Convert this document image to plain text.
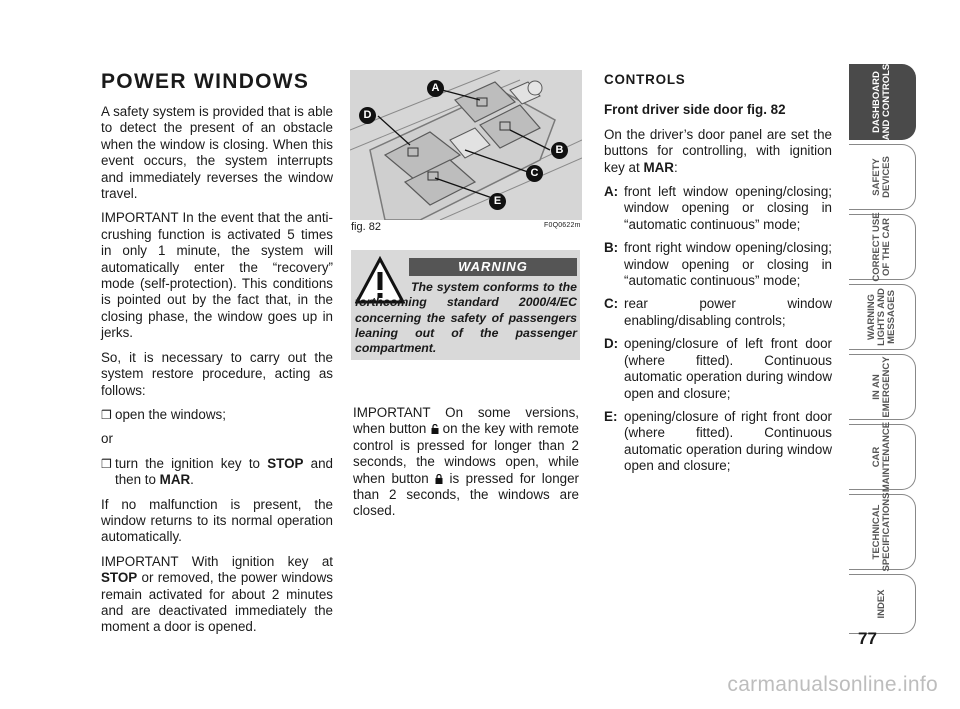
POWER WINDOWS

A safety system is provided that is able to detect the present of an obstacle when the window is closing. When this event occurs, the system interrupts and immediately reverses the window travel.

IMPORTANT In the event that the anti-crushing function is activated 5 times in only 1 minute, the system will automatically enter the “recovery” mode (self-protection). This conditions is pointed out by the fact that, in the closing phase, the window goes up in jerks.

So, it is necessary to carry out the system restore procedure, acting as follows:

❒ open the windows;

or

❒ turn the ignition key to STOP and then to MAR.

If no malfunction is present, the window returns to its normal operation automatically.

IMPORTANT With ignition key at STOP or removed, the power windows remain activated for about 2 minutes and are deactivated immediately the moment a door is opened.

A
B
C
D
E
fig. 82	F0Q0622m
WARNING
The system conforms to the forthcoming standard 2000/4/EC concerning the safety of passengers leaning out of the passenger compartment.

IMPORTANT On some versions, when button  on the key with remote control is pressed for longer than 2 seconds, the windows open, while when button  is pressed for longer than 2 seconds, the windows are closed.

CONTROLS
Front driver side door fig. 82

On the driver’s door panel are set the buttons for controlling, with ignition key at MAR:

A: front left window opening/closing; window opening or closing in “automatic continuous” mode;
B: front right window opening/closing; window opening or closing in “automatic continuous” mode;
C: rear power window enabling/disabling controls;
D: opening/closure of left front door (where fitted). Continuous automatic operation during window open and closure;
E: opening/closure of right front door (where fitted). Continuous automatic operation during window open and closure;
DASHBOARD
AND CONTROLS
SAFETY
DEVICES
CORRECT USE
OF THE CAR
WARNING
LIGHTS AND
MESSAGES
IN AN
EMERGENCY
CAR
MAINTENANCE
TECHNICAL
SPECIFICATIONS
INDEX
77
carmanualsonline.info
